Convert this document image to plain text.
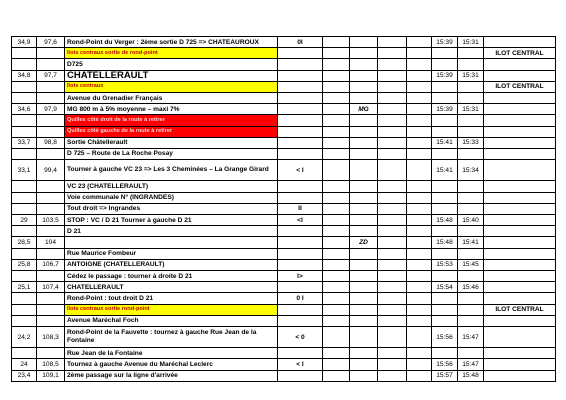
34,9	97,6	Rond-Point du Verger : 2ème sortie D 725 => CHATEAUROUX	0I					15:39	15:31	
		Ilots centraux sortie de rond-point								ILOT CENTRAL
		D725								
34,8	97,7	CHATELLERAULT						15:39	15:31	
		Ilots centraux								ILOT CENTRAL
		Avenue du Grenadier Français								
34,6	97,9	MG 800 m à 5% moyenne – maxi 7%			MG			15:39	15:31	
		Quilles côté droit de la route à retirer								
		Quilles côté gauche de la route à retirer								
33,7	98,8	Sortie Châtellerault						15:41	15:33	
		D 725 – Route de La Roche Posay								
33,1	99,4	Tourner à gauche VC 23 => Les 3 Cheminées – La Grange Girard	< I					15:41	15:34	
		VC 23 (CHATELLERAULT)								
		Voie communale N° (INGRANDES)								
		Tout droit => Ingrandes	II							
29	103,5	STOP : VC / D 21 Tourner à gauche D 21	<I					15:48	15:40	
		D 21								
28,5	104				ZD			15:48	15:41	
		Rue Maurice Fombeur								
25,8	106,7	ANTOIGNE (CHATELLERAULT)						15:53	15:45	
		Cédez le passage : tourner à droite D 21	I>							
25,1	107,4	CHATELLERAULT						15:54	15:46	
		Rond-Point : tout droit D 21	0 I							
		Ilots centraux sortie rond-point								ILOT CENTRAL
		Avenue Maréchal Foch								
24,2	108,3	Rond-Point de la Fauvette : tournez à gauche Rue Jean de la Fontaine	< 0					15:56	15:47	
		Rue Jean de la Fontaine								
24	108,5	Tournez à gauche Avenue du Maréchal Leclerc	< I					15:56	15:47	
23,4	109,1	2ème passage sur la ligne d'arrivée						15:57	15:48	
